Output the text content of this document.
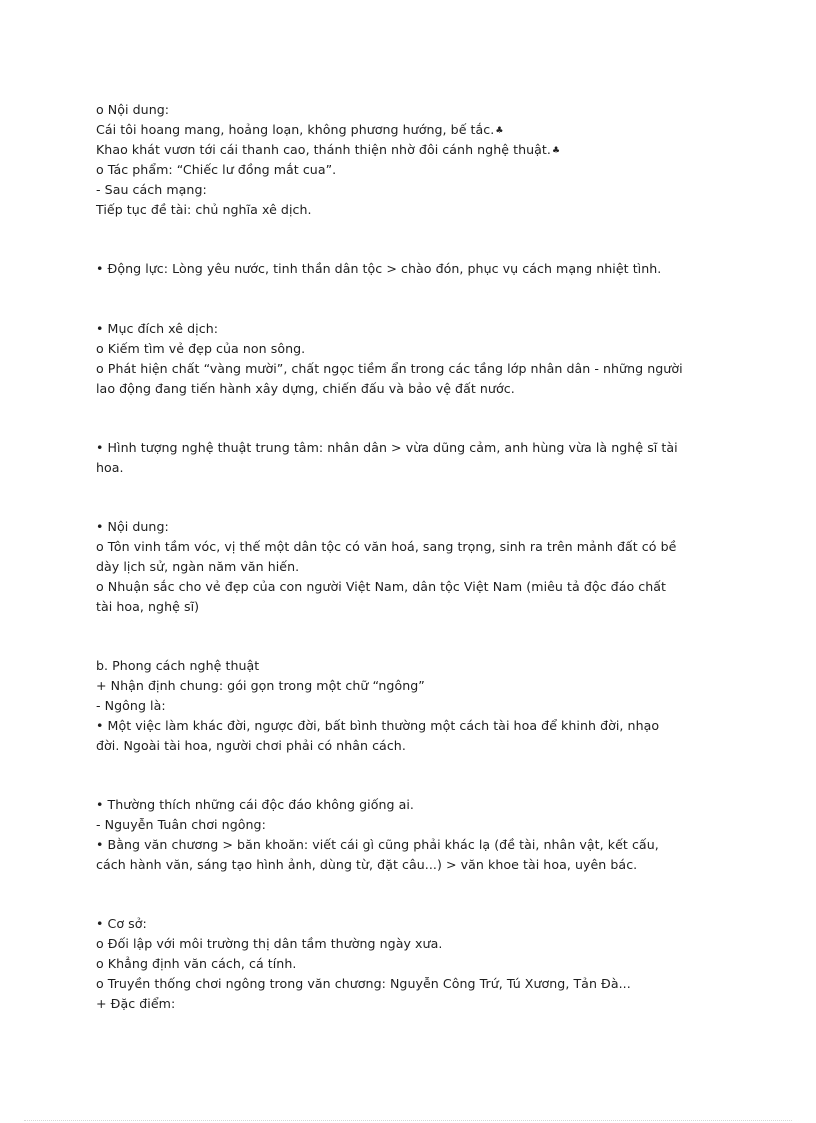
o Nội dung:
Cái tôi hoang mang, hoảng loạn, không phương hướng, bế tắc.♣
Khao khát vươn tới cái thanh cao, thánh thiện nhờ đôi cánh nghệ thuật.♣
o Tác phẩm: “Chiếc lư đồng mắt cua”.
- Sau cách mạng:
Tiếp tục đề tài: chủ nghĩa xê dịch.
• Động lực: Lòng yêu nước, tinh thần dân tộc > chào đón, phục vụ cách mạng nhiệt tình.
• Mục đích xê dịch:
o Kiếm tìm vẻ đẹp của non sông.
o Phát hiện chất “vàng mười”, chất ngọc tiềm ẩn trong các tầng lớp nhân dân - những người
lao động đang tiến hành xây dựng, chiến đấu và bảo vệ đất nước.
• Hình tượng nghệ thuật trung tâm: nhân dân > vừa dũng cảm, anh hùng vừa là nghệ sĩ tài
hoa.
• Nội dung:
o Tôn vinh tầm vóc, vị thế một dân tộc có văn hoá, sang trọng, sinh ra trên mảnh đất có bề
dày lịch sử, ngàn năm văn hiến.
o Nhuận sắc cho vẻ đẹp của con người Việt Nam, dân tộc Việt Nam (miêu tả độc đáo chất
tài hoa, nghệ sĩ)
b. Phong cách nghệ thuật
+ Nhận định chung: gói gọn trong một chữ “ngông”
- Ngông là:
• Một việc làm khác đời, ngược đời, bất bình thường một cách tài hoa để khinh đời, nhạo
đời. Ngoài tài hoa, người chơi phải có nhân cách.
• Thường thích những cái độc đáo không giống ai.
- Nguyễn Tuân chơi ngông:
• Bằng văn chương > băn khoăn: viết cái gì cũng phải khác lạ (đề tài, nhân vật, kết cấu,
cách hành văn, sáng tạo hình ảnh, dùng từ, đặt câu...) > văn khoe tài hoa, uyên bác.
• Cơ sở:
o Đối lập với môi trường thị dân tầm thường ngày xưa.
o Khẳng định văn cách, cá tính.
o Truyền thống chơi ngông trong văn chương: Nguyễn Công Trứ, Tú Xương, Tản Đà...
+ Đặc điểm:
